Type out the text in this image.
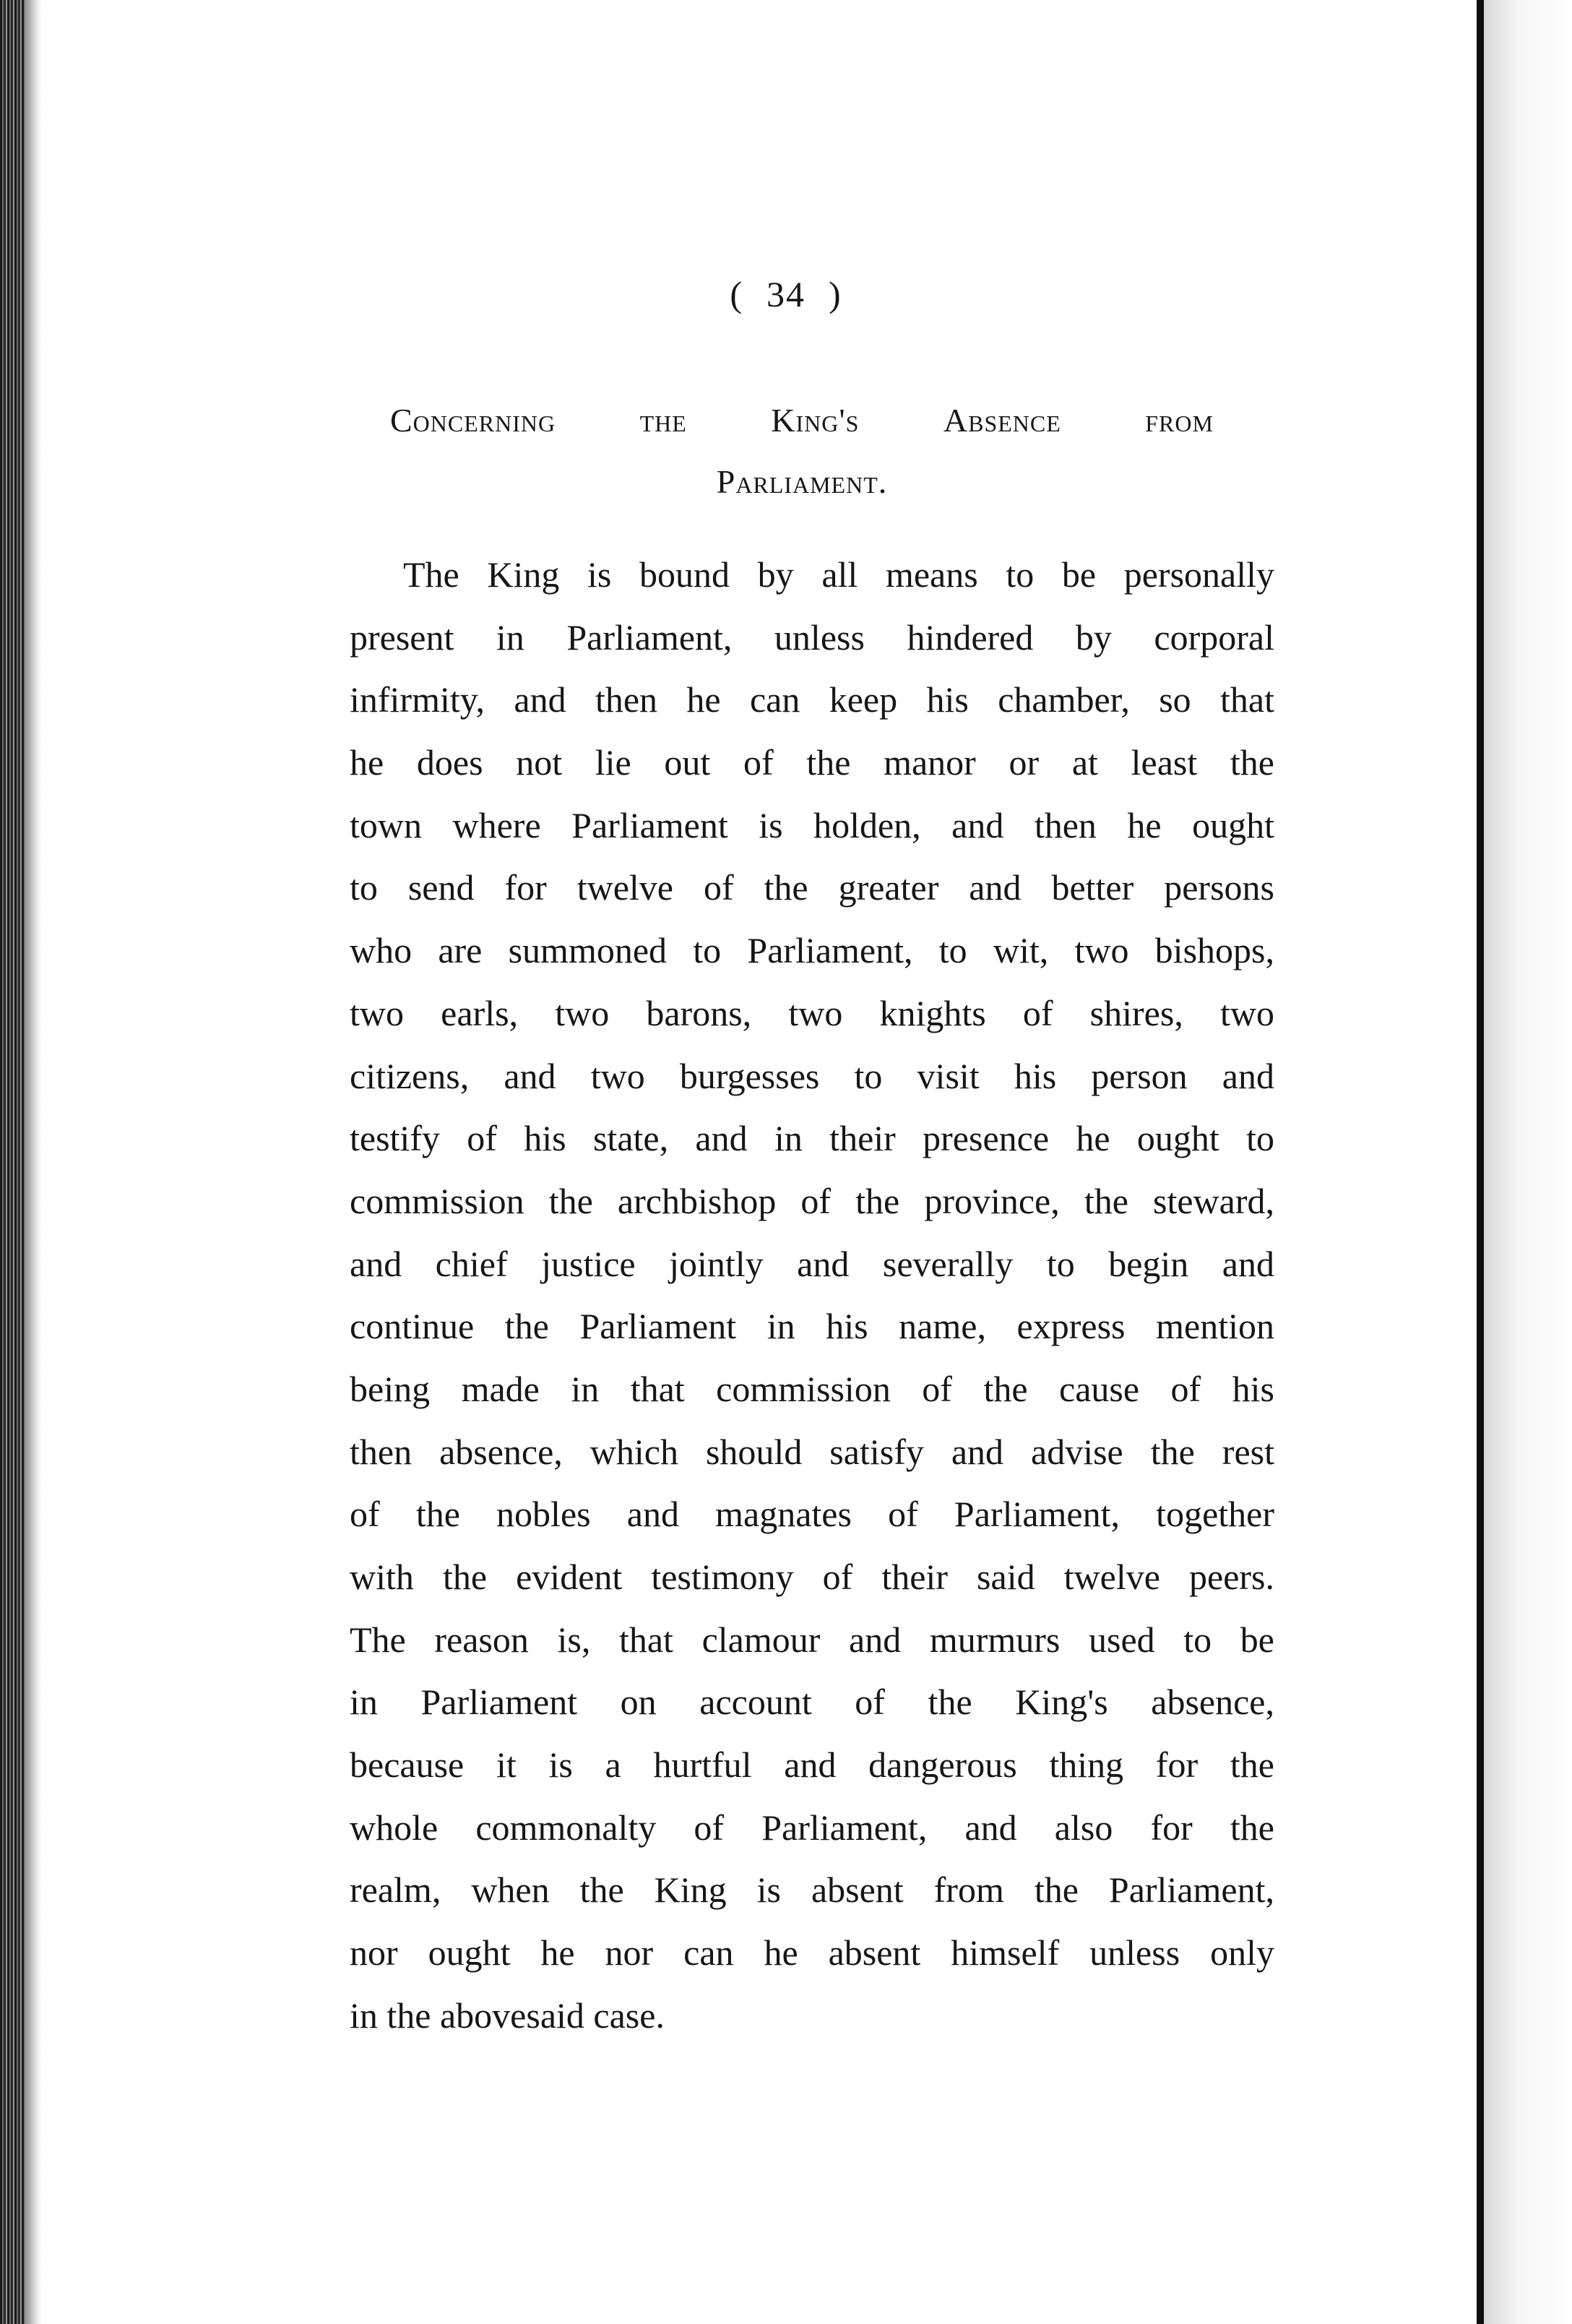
( 34 )
Concerning	the	King's	Absence	from
Parliament.
The King is bound by all means to be personally
present in Parliament, unless hindered by corporal
infirmity, and then he can keep his chamber, so that
he does not lie out of the manor or at least the
town where Parliament is holden, and then he ought
to send for twelve of the greater and better persons
who are summoned to Parliament, to wit, two bishops,
two earls, two barons, two knights of shires, two
citizens, and two burgesses to visit his person and
testify of his state, and in their presence he ought to
commission the archbishop of the province, the steward,
and chief justice jointly and severally to begin and
continue the Parliament in his name, express mention
being made in that commission of the cause of his
then absence, which should satisfy and advise the rest
of the nobles and magnates of Parliament, together
with the evident testimony of their said twelve peers.
The reason is, that clamour and murmurs used to be
in Parliament on account of the King's absence,
because it is a hurtful and dangerous thing for the
whole commonalty of Parliament, and also for the
realm, when the King is absent from the Parliament,
nor ought he nor can he absent himself unless only
in the abovesaid case.
